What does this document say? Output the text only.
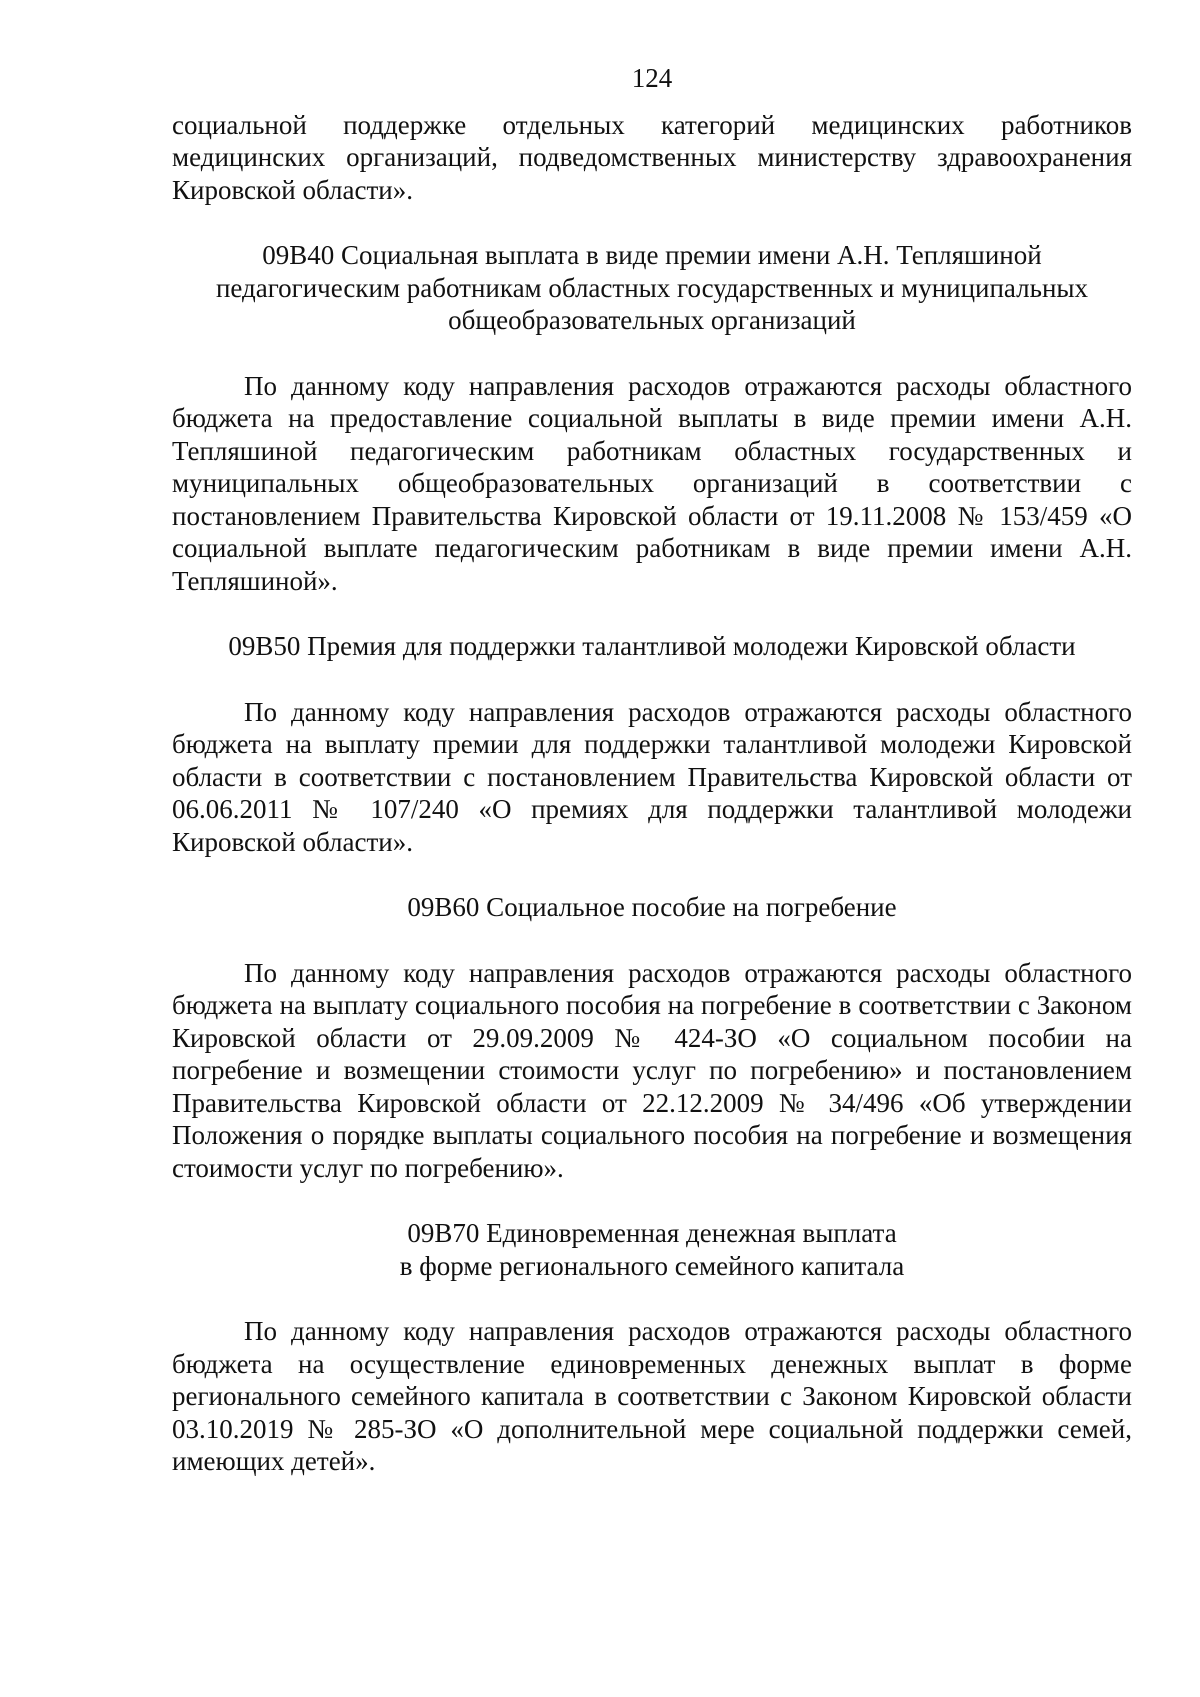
124

социальной поддержке отдельных категорий медицинских работников медицинских организаций, подведомственных министерству здравоохранения Кировской области».

09В40 Социальная выплата в виде премии имени А.Н. Тепляшиной
педагогическим работникам областных государственных и муниципальных
общеобразовательных организаций

По данному коду направления расходов отражаются расходы областного бюджета на предоставление социальной выплаты в виде премии имени А.Н. Тепляшиной педагогическим работникам областных государственных и муниципальных общеобразовательных организаций в соответствии с постановлением Правительства Кировской области от 19.11.2008 № 153/459 «О социальной выплате педагогическим работникам в виде премии имени А.Н. Тепляшиной».

09В50 Премия для поддержки талантливой молодежи Кировской области

По данному коду направления расходов отражаются расходы областного бюджета на выплату премии для поддержки талантливой молодежи Кировской области в соответствии с постановлением Правительства Кировской области от 06.06.2011 № 107/240 «О премиях для поддержки талантливой молодежи Кировской области».

09В60 Социальное пособие на погребение

По данному коду направления расходов отражаются расходы областного бюджета на выплату социального пособия на погребение в соответствии с Законом Кировской области от 29.09.2009 № 424-ЗО «О социальном пособии на погребение и возмещении стоимости услуг по погребению» и постановлением Правительства Кировской области от 22.12.2009 № 34/496 «Об утверждении Положения о порядке выплаты социального пособия на погребение и возмещения стоимости услуг по погребению».

09В70 Единовременная денежная выплата
в форме регионального семейного капитала

По данному коду направления расходов отражаются расходы областного бюджета на осуществление единовременных денежных выплат в форме регионального семейного капитала в соответствии с Законом Кировской области 03.10.2019 № 285-ЗО «О дополнительной мере социальной поддержки семей, имеющих детей».
